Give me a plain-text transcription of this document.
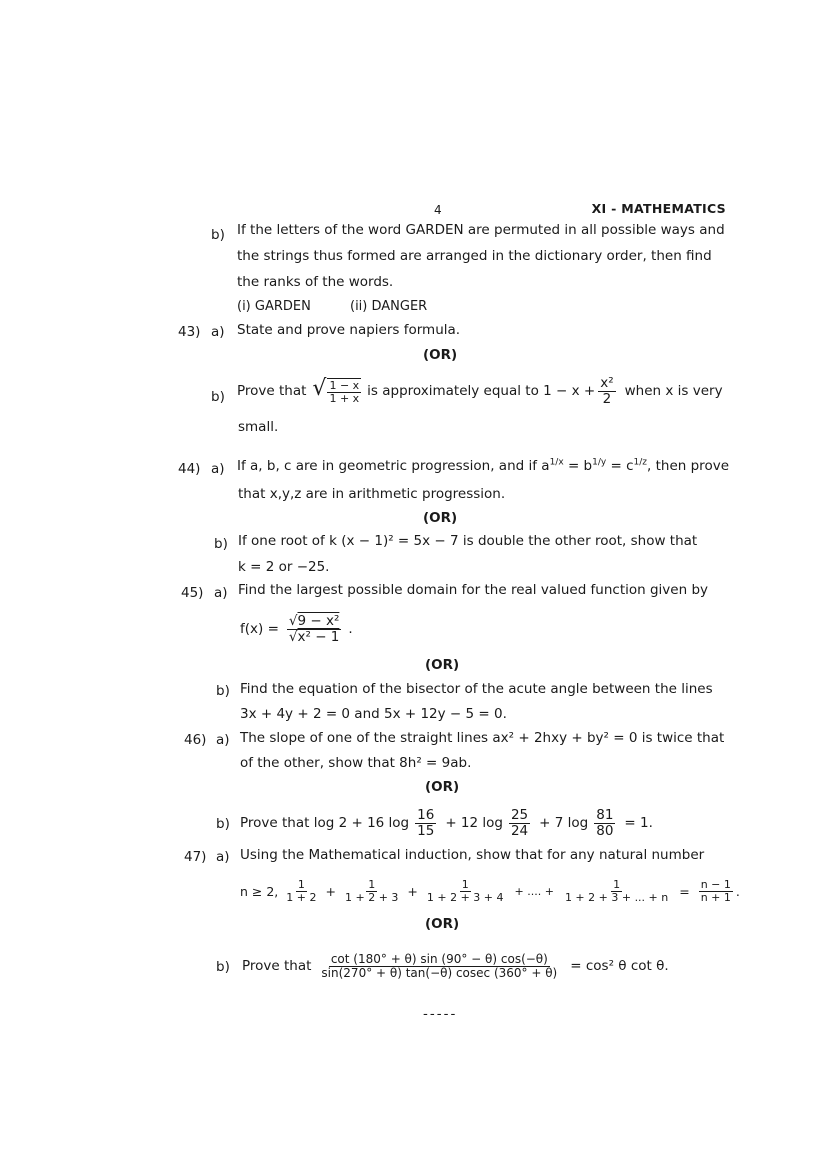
4	XI - MATHEMATICS
b) If the letters of the word GARDEN are permuted in all possible ways and
the strings thus formed are arranged in the dictionary order, then find
the ranks of the words.
(i) GARDEN	(ii) DANGER
43) a) State and prove napiers formula.
(OR)
b) Prove that √ $\frac{1 - x}{1 + x}$ is approximately equal to $1 - x + \frac{\text{x²}}{2}$ when x is very
small.
44) a) If a, b, c are in geometric progression, and if $a^{1/x} = b^{1/y} = c^{1/z}$, then prove
that x,y,z are in arithmetic progression.
(OR)
b) If one root of k (x − 1)² = 5x − 7 is double the other root, show that
k = 2 or −25.
45) a) Find the largest possible domain for the real valued function given by
$f(x) = \frac{\text{√9 − x²}}{\text{√x² − 1}}$ .
(OR)
b) Find the equation of the bisector of the acute angle between the lines
3x + 4y + 2 = 0 and 5x + 12y − 5 = 0.
46) a) The slope of one of the straight lines ax² + 2hxy + by² = 0 is twice that
of the other, show that 8h² = 9ab.
(OR)
b) Prove that log 2 + 16 $\log \frac{16}{15} + 12$ $\log \frac{25}{24} + 7$ $\log \frac{81}{80} = 1$.
47) a) Using the Mathematical induction, show that for any natural number
n ≥ 2, $\frac{1}{1 + 2} + \frac{1}{1 + 2 + 3} + \frac{1}{1 + 2 + 3 + 4}$ + .... + $\frac{1}{1 + 2 + 3 + ... + n} = \frac{n - 1}{n + 1}$ .
(OR)
b) Prove that $\frac{\cot (180^\circ + \theta) \sin (90^\circ - \theta) \cos(-\theta)}{\sin(270^\circ + \theta) \tan(-\theta) cosec (360^\circ + \theta)} = \cos^2$ θ cot θ.
-----
